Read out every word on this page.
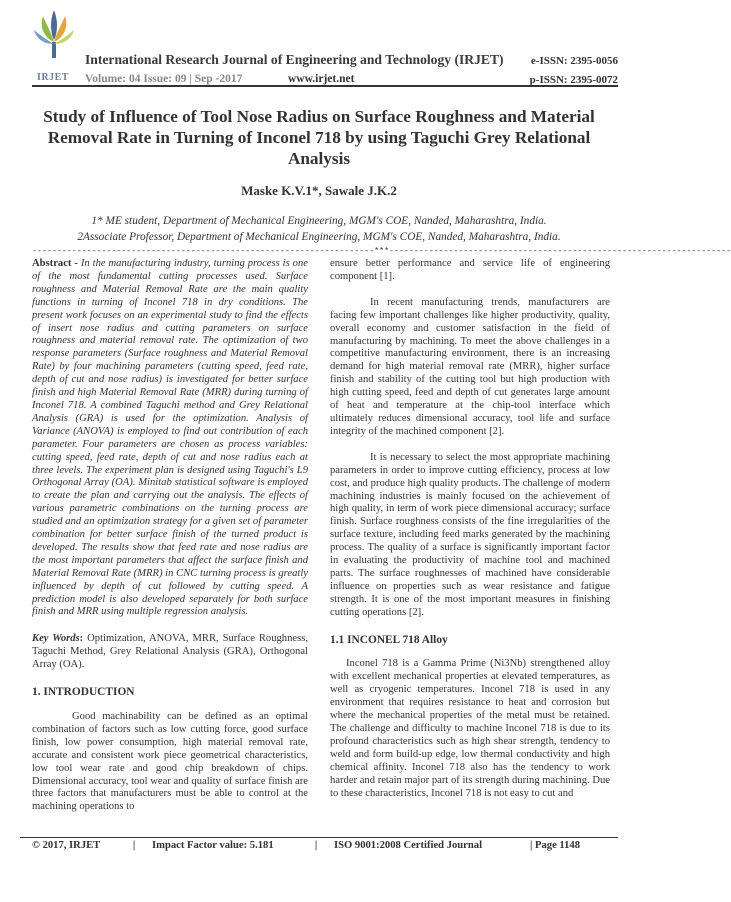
IRJET
International Research Journal of Engineering and Technology (IRJET)
Volume: 04 Issue: 09 | Sep -2017	www.irjet.net
e-ISSN: 2395-0056
p-ISSN: 2395-0072
Study of Influence of Tool Nose Radius on Surface Roughness and Material Removal Rate in Turning of Inconel 718 by using Taguchi Grey Relational Analysis
Maske K.V.1*, Sawale J.K.2
1* ME student, Department of Mechanical Engineering, MGM's COE, Nanded, Maharashtra, India.
2Associate Professor, Department of Mechanical Engineering, MGM's COE, Nanded, Maharashtra, India.
---------------------------------------------------------------------***---------------------------------------------------------------------

Abstract - In the manufacturing industry, turning process is one of the most fundamental cutting processes used. Surface roughness and Material Removal Rate are the main quality functions in turning of Inconel 718 in dry conditions. The present work focuses on an experimental study to find the effects of insert nose radius and cutting parameters on surface roughness and material removal rate. The optimization of two response parameters (Surface roughness and Material Removal Rate) by four machining parameters (cutting speed, feed rate, depth of cut and nose radius) is investigated for better surface finish and high Material Removal Rate (MRR) during turning of Inconel 718. A combined Taguchi method and Grey Relational Analysis (GRA) is used for the optimization. Analysis of Variance (ANOVA) is employed to find out contribution of each parameter. Four parameters are chosen as process variables: cutting speed, feed rate, depth of cut and nose radius each at three levels. The experiment plan is designed using Taguchi's L9 Orthogonal Array (OA). Minitab statistical software is employed to create the plan and carrying out the analysis. The effects of various parametric combinations on the turning process are studied and an optimization strategy for a given set of parameter combination for better surface finish of the turned product is developed. The results show that feed rate and nose radius are the most important parameters that affect the surface finish and Material Removal Rate (MRR) in CNC turning process is greatly influenced by depth of cut followed by cutting speed. A prediction model is also developed separately for both surface finish and MRR using multiple regression analysis.

Key Words: Optimization, ANOVA, MRR, Surface Roughness, Taguchi Method, Grey Relational Analysis (GRA), Orthogonal Array (OA).

1. INTRODUCTION

Good machinability can be defined as an optimal combination of factors such as low cutting force, good surface finish, low power consumption, high material removal rate, accurate and consistent work piece geometrical characteristics, low tool wear rate and good chip breakdown of chips. Dimensional accuracy, tool wear and quality of surface finish are three factors that manufacturers must be able to control at the machining operations to

ensure better performance and service life of engineering component [1].

In recent manufacturing trends, manufacturers are facing few important challenges like higher productivity, quality, overall economy and customer satisfaction in the field of manufacturing by machining. To meet the above challenges in a competitive manufacturing environment, there is an increasing demand for high material removal rate (MRR), higher surface finish and stability of the cutting tool but high production with high cutting speed, feed and depth of cut generates large amount of heat and temperature at the chip-tool interface which ultimately reduces dimensional accuracy, tool life and surface integrity of the machined component [2].

It is necessary to select the most appropriate machining parameters in order to improve cutting efficiency, process at low cost, and produce high quality products. The challenge of modern machining industries is mainly focused on the achievement of high quality, in term of work piece dimensional accuracy; surface finish. Surface roughness consists of the fine irregularities of the surface texture, including feed marks generated by the machining process. The quality of a surface is significantly important factor in evaluating the productivity of machine tool and machined parts. The surface roughnesses of machined have considerable influence on properties such as wear resistance and fatigue strength. It is one of the most important measures in finishing cutting operations [2].

1.1 INCONEL 718 Alloy

Inconel 718 is a Gamma Prime (Ni3Nb) strengthened alloy with excellent mechanical properties at elevated temperatures, as well as cryogenic temperatures. Inconel 718 is used in any environment that requires resistance to heat and corrosion but where the mechanical properties of the metal must be retained. The challenge and difficulty to machine Inconel 718 is due to its profound characteristics such as high shear strength, tendency to weld and form build-up edge, low thermal conductivity and high chemical affinity. Inconel 718 also has the tendency to work harder and retain major part of its strength during machining. Due to these characteristics, Inconel 718 is not easy to cut and

© 2017, IRJET	| Impact Factor value: 5.181	| ISO 9001:2008 Certified Journal	| Page 1148
